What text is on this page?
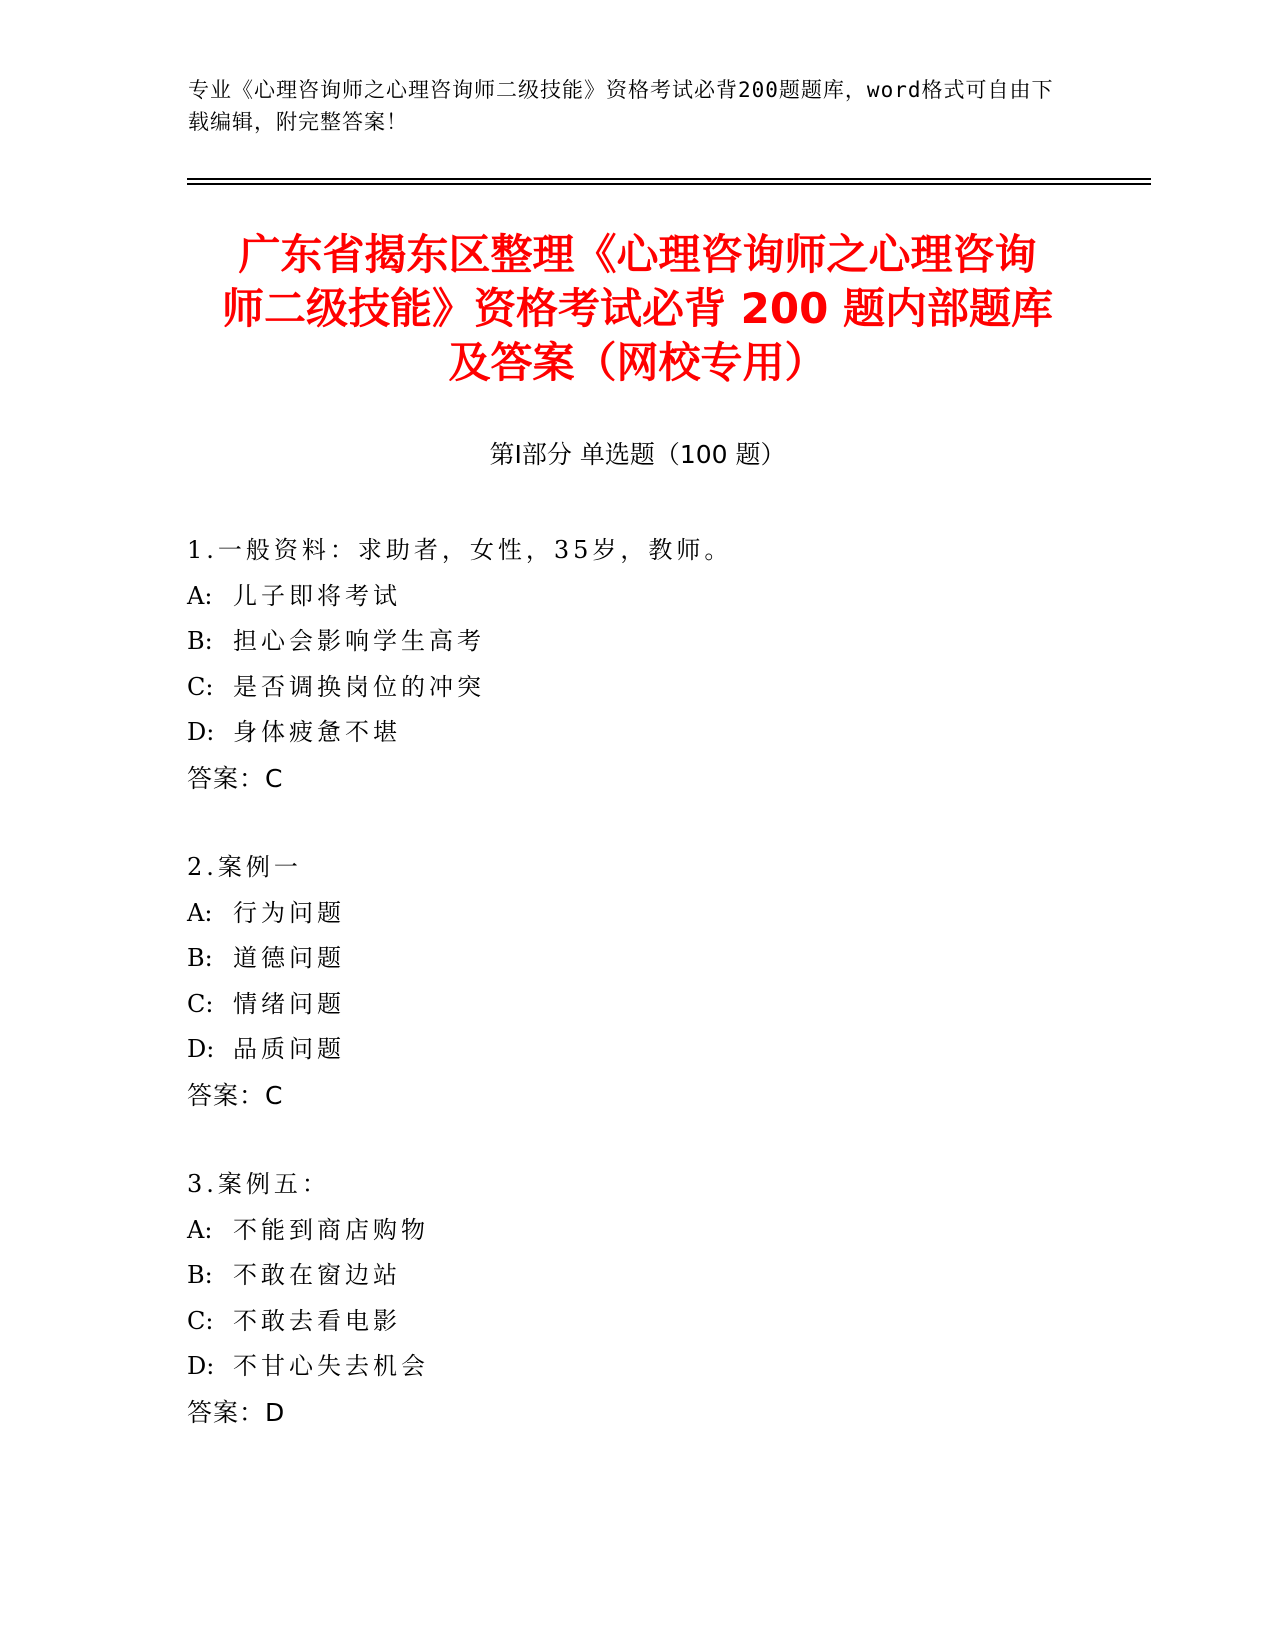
专业《心理咨询师之心理咨询师二级技能》资格考试必背200题题库，word格式可自由下载编辑，附完整答案！
广东省揭东区整理《心理咨询师之心理咨询
师二级技能》资格考试必背 200 题内部题库
及答案（网校专用）
第Ⅰ部分 单选题（100 题）
1.一般资料：求助者，女性，35岁，教师。
A: 儿子即将考试
B: 担心会影响学生高考
C: 是否调换岗位的冲突
D: 身体疲惫不堪
答案：C
2.案例一
A: 行为问题
B: 道德问题
C: 情绪问题
D: 品质问题
答案：C
3.案例五：
A: 不能到商店购物
B: 不敢在窗边站
C: 不敢去看电影
D: 不甘心失去机会
答案：D
